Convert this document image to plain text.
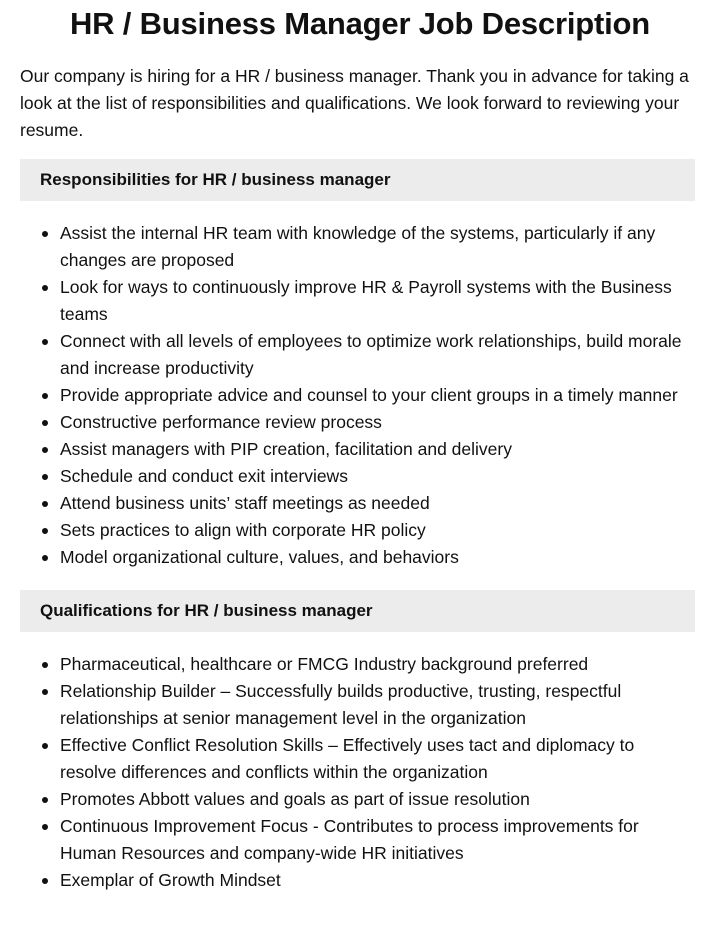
HR / Business Manager Job Description

Our company is hiring for a HR / business manager. Thank you in advance for taking a look at the list of responsibilities and qualifications. We look forward to reviewing your resume.

Responsibilities for HR / business manager
Assist the internal HR team with knowledge of the systems, particularly if any changes are proposed
Look for ways to continuously improve HR & Payroll systems with the Business teams
Connect with all levels of employees to optimize work relationships, build morale and increase productivity
Provide appropriate advice and counsel to your client groups in a timely manner
Constructive performance review process
Assist managers with PIP creation, facilitation and delivery
Schedule and conduct exit interviews
Attend business units’ staff meetings as needed
Sets practices to align with corporate HR policy
Model organizational culture, values, and behaviors
Qualifications for HR / business manager
Pharmaceutical, healthcare or FMCG Industry background preferred
Relationship Builder – Successfully builds productive, trusting, respectful relationships at senior management level in the organization
Effective Conflict Resolution Skills – Effectively uses tact and diplomacy to resolve differences and conflicts within the organization
Promotes Abbott values and goals as part of issue resolution
Continuous Improvement Focus - Contributes to process improvements for Human Resources and company-wide HR initiatives
Exemplar of Growth Mindset
